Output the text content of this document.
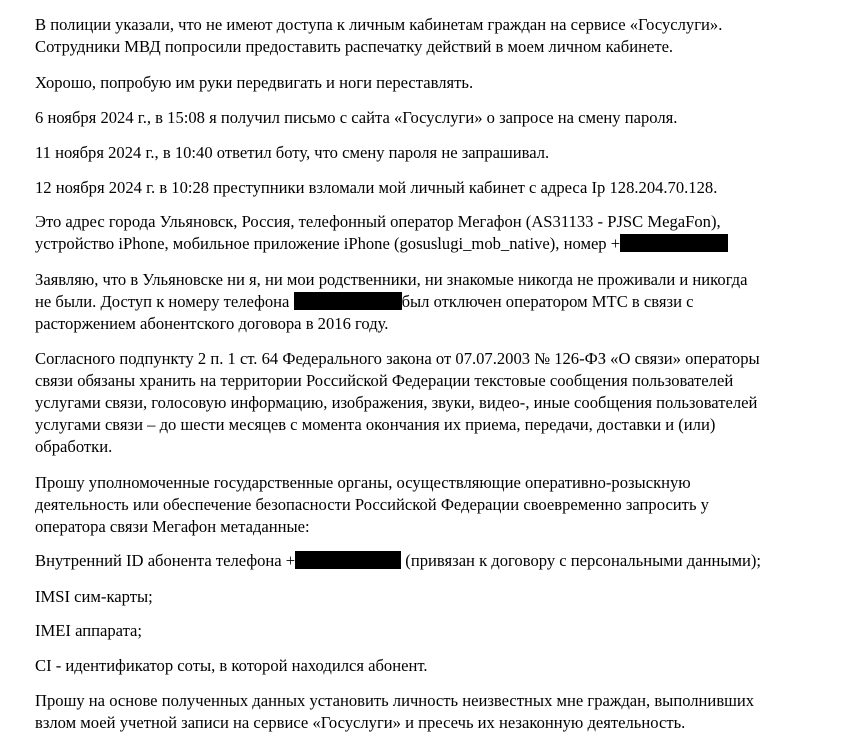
В полиции указали, что не имеют доступа к личным кабинетам граждан на сервисе «Госуслуги».
Сотрудники МВД попросили предоставить распечатку действий в моем личном кабинете.

Хорошо, попробую им руки передвигать и ноги переставлять.

6 ноября 2024 г., в 15:08 я получил письмо с сайта «Госуслуги» о запросе на смену пароля.

11 ноября 2024 г., в 10:40 ответил боту, что смену пароля не запрашивал.

12 ноября 2024 г. в 10:28 преступники взломали мой личный кабинет с адреса Ip 128.204.70.128.

Это адрес города Ульяновск, Россия, телефонный оператор Мегафон (AS31133 - PJSC MegaFon),
устройство iPhone, мобильное приложение iPhone (gosuslugi_mob_native), номер +

Заявляю, что в Ульяновске ни я, ни мои родственники, ни знакомые никогда не проживали и никогда
не были. Доступ к номеру телефона	был отключен оператором МТС в связи с
расторжением абонентского договора в 2016 году.

Согласного подпункту 2 п. 1 ст. 64 Федерального закона от 07.07.2003 № 126-ФЗ «О связи» операторы
связи обязаны хранить на территории Российской Федерации текстовые сообщения пользователей
услугами связи, голосовую информацию, изображения, звуки, видео-, иные сообщения пользователей
услугами связи – до шести месяцев с момента окончания их приема, передачи, доставки и (или)
обработки.

Прошу уполномоченные государственные органы, осуществляющие оперативно-розыскную
деятельность или обеспечение безопасности Российской Федерации своевременно запросить у
оператора связи Мегафон метаданные:

Внутренний ID абонента телефона +	(привязан к договору с персональными данными);

IMSI сим-карты;

IMEI аппарата;

CI - идентификатор соты, в которой находился абонент.

Прошу на основе полученных данных установить личность неизвестных мне граждан, выполнивших
взлом моей учетной записи на сервисе «Госуслуги» и пресечь их незаконную деятельность.
